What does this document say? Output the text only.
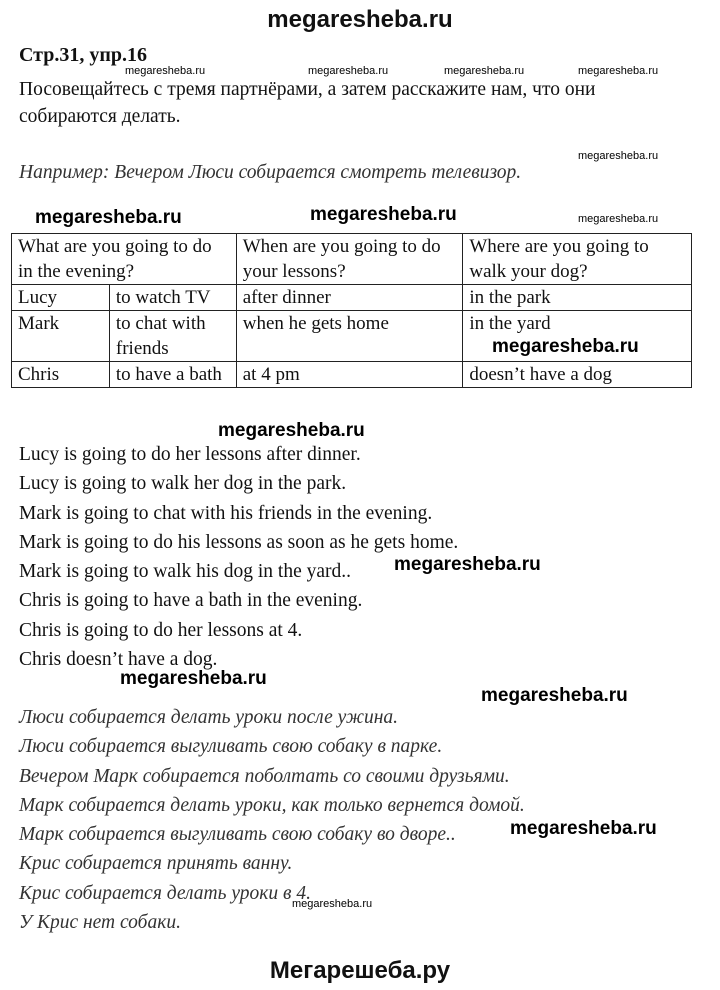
megaresheba.ru
Стр.31, упр.16
Посовещайтесь с тремя партнёрами, а затем расскажите нам, что они собираются делать.
Например: Вечером Люси собирается смотреть телевизор.
What are you going to do in the evening?		When are you going to do your lessons?	Where are you going to walk your dog?
Lucy	to watch TV	after dinner	in the park
Mark	to chat with friends	when he gets home	in the yard
Chris	to have a bath	at 4 pm	doesn’t have a dog
Lucy is going to do her lessons after dinner.
Lucy is going to walk her dog in the park.
Mark is going to chat with his friends in the evening.
Mark is going to do his lessons as soon as he gets home.
Mark is going to walk his dog in the yard..
Chris is going to have a bath in the evening.
Chris is going to do her lessons at 4.
Chris doesn’t have a dog.
Люси собирается делать уроки после ужина.
Люси собирается выгуливать свою собаку в парке.
Вечером Марк собирается поболтать со своими друзьями.
Марк собирается делать уроки, как только вернется домой.
Марк собирается выгуливать свою собаку во дворе..
Крис собирается принять ванну.
Крис собирается делать уроки в 4.
У Крис нет собаки.
megaresheba.ru	megaresheba.ru	megaresheba.ru	megaresheba.ru
megaresheba.ru
megaresheba.ru	megaresheba.ru	megaresheba.ru
megaresheba.ru
megaresheba.ru
megaresheba.ru
megaresheba.ru
megaresheba.ru
megaresheba.ru
megaresheba.ru
Мегарешеба.ру
